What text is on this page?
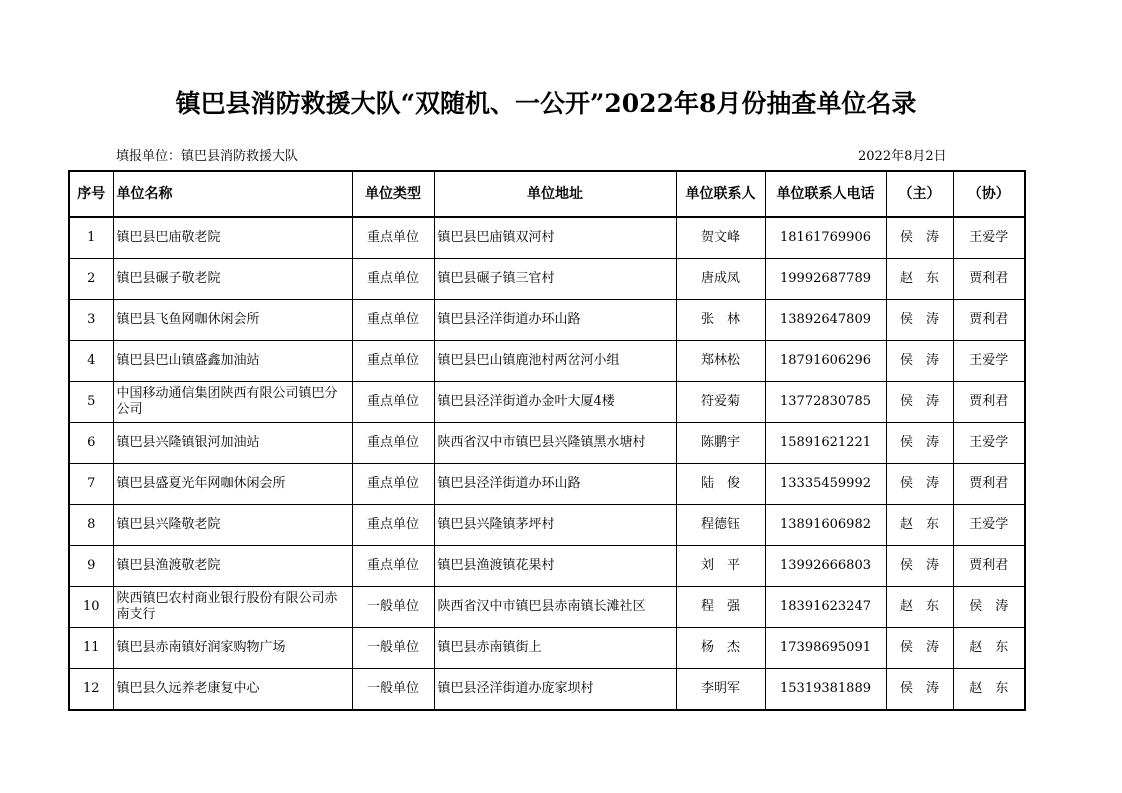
镇巴县消防救援大队“双随机、一公开”2022年8月份抽查单位名录
填报单位：镇巴县消防救援大队	2022年8月2日
序号	单位名称	单位类型	单位地址	单位联系人	单位联系人电话	（主）	（协）
1	镇巴县巴庙敬老院	重点单位	镇巴县巴庙镇双河村	贺文峰	18161769906	侯　涛	王爱学
2	镇巴县碾子敬老院	重点单位	镇巴县碾子镇三官村	唐成凤	19992687789	赵　东	贾利君
3	镇巴县飞鱼网咖休闲会所	重点单位	镇巴县泾洋街道办环山路	张　林	13892647809	侯　涛	贾利君
4	镇巴县巴山镇盛鑫加油站	重点单位	镇巴县巴山镇鹿池村两岔河小组	郑林松	18791606296	侯　涛	王爱学
5	中国移动通信集团陕西有限公司镇巴分公司	重点单位	镇巴县泾洋街道办金叶大厦4楼	符爱菊	13772830785	侯　涛	贾利君
6	镇巴县兴隆镇银河加油站	重点单位	陕西省汉中市镇巴县兴隆镇黑水塘村	陈鹏宇	15891621221	侯　涛	王爱学
7	镇巴县盛夏光年网咖休闲会所	重点单位	镇巴县泾洋街道办环山路	陆　俊	13335459992	侯　涛	贾利君
8	镇巴县兴隆敬老院	重点单位	镇巴县兴隆镇茅坪村	程德钰	13891606982	赵　东	王爱学
9	镇巴县渔渡敬老院	重点单位	镇巴县渔渡镇花果村	刘　平	13992666803	侯　涛	贾利君
10	陕西镇巴农村商业银行股份有限公司赤南支行	一般单位	陕西省汉中市镇巴县赤南镇长滩社区	程　强	18391623247	赵　东	侯　涛
11	镇巴县赤南镇好润家购物广场	一般单位	镇巴县赤南镇街上	杨　杰	17398695091	侯　涛	赵　东
12	镇巴县久远养老康复中心	一般单位	镇巴县泾洋街道办庞家坝村	李明军	15319381889	侯　涛	赵　东
